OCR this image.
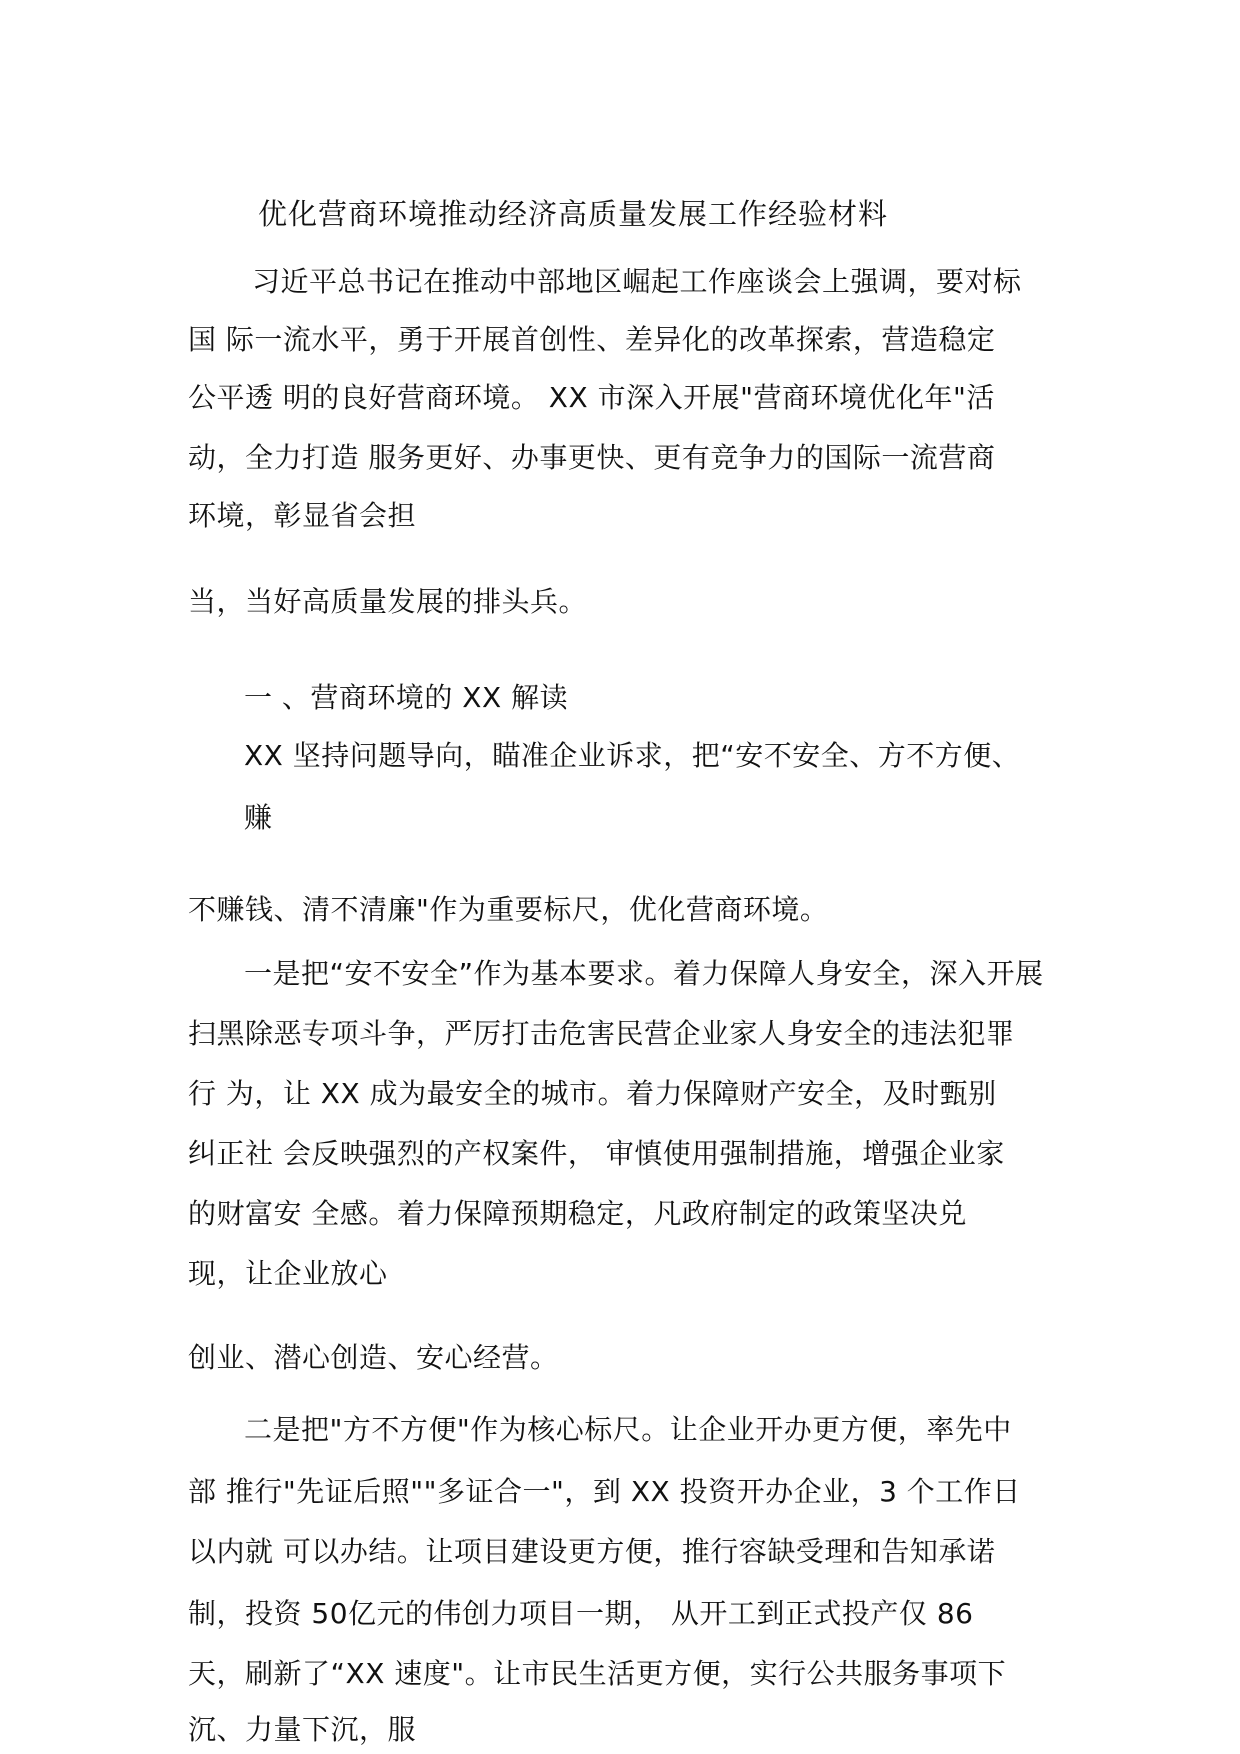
优化营商环境推动经济高质量发展工作经验材料
习近平总书记在推动中部地区崛起工作座谈会上强调，要对标
国 际一流水平，勇于开展首创性、差异化的改革探索，营造稳定
公平透 明的良好营商环境。 XX 市深入开展"营商环境优化年"活
动，全力打造 服务更好、办事更快、更有竞争力的国际一流营商
环境，彰显省会担
当，当好高质量发展的排头兵。
一 、营商环境的 XX 解读
XX 坚持问题导向，瞄准企业诉求，把“安不安全、方不方便、
赚
不赚钱、清不清廉"作为重要标尺，优化营商环境。
一是把“安不安全”作为基本要求。着力保障人身安全，深入开展
扫黑除恶专项斗争，严厉打击危害民营企业家人身安全的违法犯罪
行 为，让 XX 成为最安全的城市。着力保障财产安全，及时甄别
纠正社 会反映强烈的产权案件， 审慎使用强制措施，增强企业家
的财富安 全感。着力保障预期稳定，凡政府制定的政策坚决兑
现，让企业放心
创业、潜心创造、安心经营。
二是把"方不方便"作为核心标尺。让企业开办更方便，率先中
部 推行"先证后照""多证合一"，到 XX 投资开办企业，3 个工作日
以内就 可以办结。让项目建设更方便，推行容缺受理和告知承诺
制，投资 50亿元的伟创力项目一期， 从开工到正式投产仅 86
天，刷新了“XX 速度"。让市民生活更方便，实行公共服务事项下
沉、力量下沉，服
